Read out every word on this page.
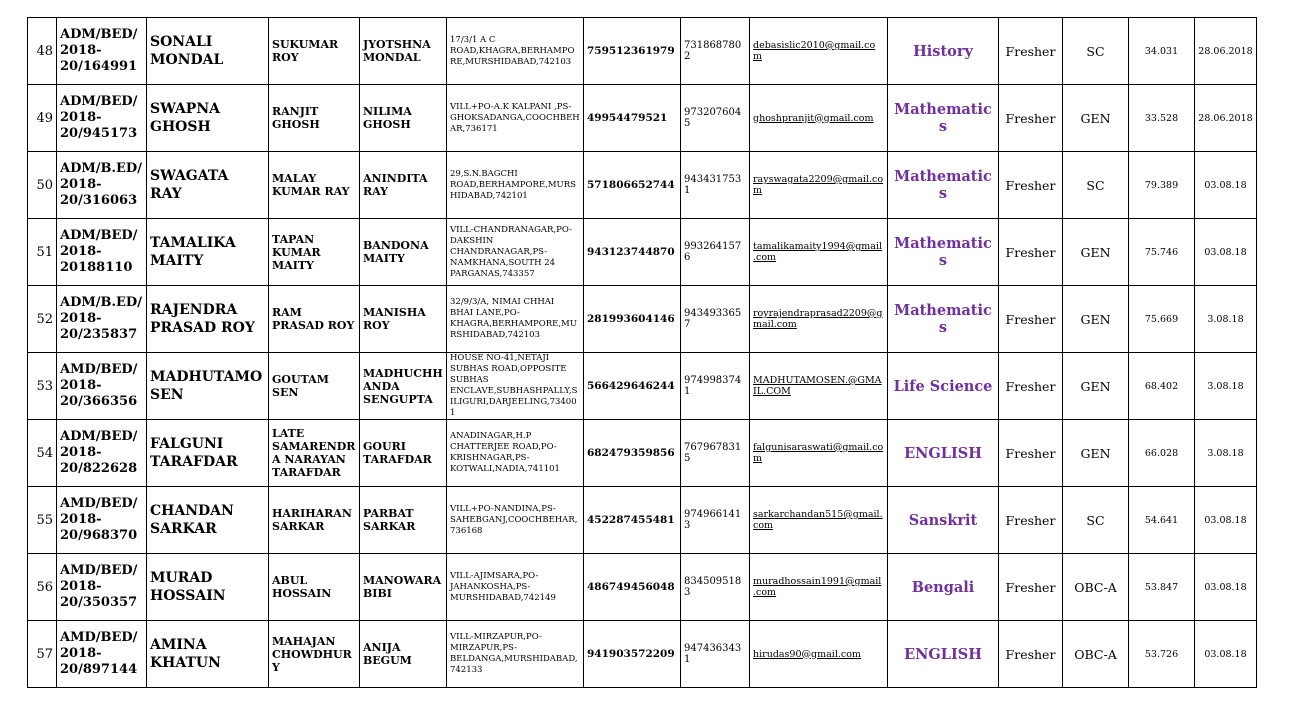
48	ADM/BED/2018-20/164991	SONALI MONDAL	SUKUMAR ROY	JYOTSHNA MONDAL	17/3/1 A C ROAD,KHAGRA,BERHAMPORE,MURSHIDABAD,742103	759512361979	7318687802	debasislic2010@gmail.com	History	Fresher	SC	34.031	28.06.2018
49	ADM/BED/2018-20/945173	SWAPNA GHOSH	RANJIT GHOSH	NILIMA GHOSH	VILL+PO-A.K KALPANI ,PS-GHOKSADANGA,COOCHBEHAR,736171	49954479521	9732076045	ghoshpranjit@gmail.com	Mathematics	Fresher	GEN	33.528	28.06.2018
50	ADM/B.ED/2018-20/316063	SWAGATA RAY	MALAY KUMAR RAY	ANINDITA RAY	29,S.N.BAGCHI ROAD,BERHAMPORE,MURSHIDABAD,742101	571806652744	9434317531	rayswagata2209@gmail.com	Mathematics	Fresher	SC	79.389	03.08.18
51	ADM/BED/2018-20188110	TAMALIKA MAITY	TAPAN KUMAR MAITY	BANDONA MAITY	VILL-CHANDRANAGAR,PO-DAKSHIN CHANDRANAGAR,PS-NAMKHANA,SOUTH 24 PARGANAS,743357	943123744870	9932641576	tamalikamaity1994@gmail.com	Mathematics	Fresher	GEN	75.746	03.08.18
52	ADM/B.ED/2018-20/235837	RAJENDRA PRASAD ROY	RAM PRASAD ROY	MANISHA ROY	32/9/3/A, NIMAI CHHAI BHAI LANE,PO-KHAGRA,BERHAMPORE,MURSHIDABAD,742103	281993604146	9434933657	royrajendraprasad2209@gmail.com	Mathematics	Fresher	GEN	75.669	3.08.18
53	AMD/BED/2018-20/366356	MADHUTAMO SEN	GOUTAM SEN	MADHUCHHANDA SENGUPTA	HOUSE NO-41,NETAJI SUBHAS ROAD,OPPOSITE SUBHAS ENCLAVE,SUBHASHPALLY,SILIGURI,DARJEELING,734001	566429646244	9749983741	MADHUTAMOSEN.@GMAIL.COM	Life Science	Fresher	GEN	68.402	3.08.18
54	ADM/BED/2018-20/822628	FALGUNI TARAFDAR	LATE SAMARENDRA NARAYAN TARAFDAR	GOURI TARAFDAR	ANADINAGAR,H.P CHATTERJEE ROAD,PO-KRISHNAGAR,PS-KOTWALI,NADIA,741101	682479359856	7679678315	falgunisaraswati@gmail.com	ENGLISH	Fresher	GEN	66.028	3.08.18
55	AMD/BED/2018-20/968370	CHANDAN SARKAR	HARIHARAN SARKAR	PARBAT SARKAR	VILL+PO-NANDINA,PS-SAHEBGANJ,COOCHBEHAR,736168	452287455481	9749661413	sarkarchandan515@gmail.com	Sanskrit	Fresher	SC	54.641	03.08.18
56	AMD/BED/2018-20/350357	MURAD HOSSAIN	ABUL HOSSAIN	MANOWARA BIBI	VILL-AJIMSARA,PO-JAHANKOSHA,PS-MURSHIDABAD,742149	486749456048	8345095183	muradhossain1991@gmail.com	Bengali	Fresher	OBC-A	53.847	03.08.18
57	AMD/BED/2018-20/897144	AMINA KHATUN	MAHAJAN CHOWDHURY	ANIJA BEGUM	VILL-MIRZAPUR,PO-MIRZAPUR,PS-BELDANGA,MURSHIDABAD,742133	941903572209	9474363431	hirudas90@gmail.com	ENGLISH	Fresher	OBC-A	53.726	03.08.18
